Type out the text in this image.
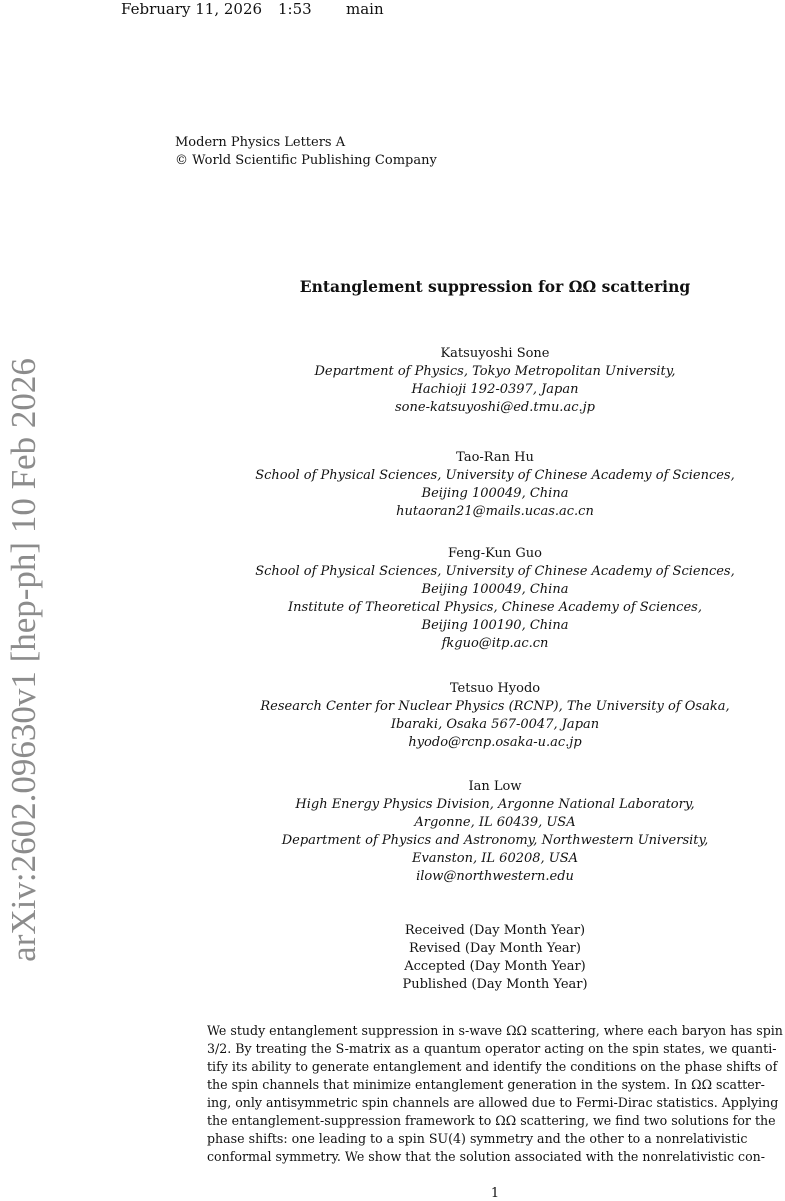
February 11, 2026 1:53 main
Modern Physics Letters A
© World Scientific Publishing Company
Entanglement suppression for ΩΩ scattering
Katsuyoshi Sone
Department of Physics, Tokyo Metropolitan University,
Hachioji 192-0397, Japan
sone-katsuyoshi@ed.tmu.ac.jp
Tao-Ran Hu
School of Physical Sciences, University of Chinese Academy of Sciences,
Beijing 100049, China
hutaoran21@mails.ucas.ac.cn
Feng-Kun Guo
School of Physical Sciences, University of Chinese Academy of Sciences,
Beijing 100049, China
Institute of Theoretical Physics, Chinese Academy of Sciences,
Beijing 100190, China
fkguo@itp.ac.cn
Tetsuo Hyodo
Research Center for Nuclear Physics (RCNP), The University of Osaka,
Ibaraki, Osaka 567-0047, Japan
hyodo@rcnp.osaka-u.ac.jp
Ian Low
High Energy Physics Division, Argonne National Laboratory,
Argonne, IL 60439, USA
Department of Physics and Astronomy, Northwestern University,
Evanston, IL 60208, USA
ilow@northwestern.edu
Received (Day Month Year)
Revised (Day Month Year)
Accepted (Day Month Year)
Published (Day Month Year)
We study entanglement suppression in s-wave ΩΩ scattering, where each baryon has spin
3/2. By treating the S-matrix as a quantum operator acting on the spin states, we quanti-
tify its ability to generate entanglement and identify the conditions on the phase shifts of
the spin channels that minimize entanglement generation in the system. In ΩΩ scatter-
ing, only antisymmetric spin channels are allowed due to Fermi-Dirac statistics. Applying
the entanglement-suppression framework to ΩΩ scattering, we find two solutions for the
phase shifts: one leading to a spin SU(4) symmetry and the other to a nonrelativistic
conformal symmetry. We show that the solution associated with the nonrelativistic con-
arXiv:2602.09630v1 [hep-ph] 10 Feb 2026
1
